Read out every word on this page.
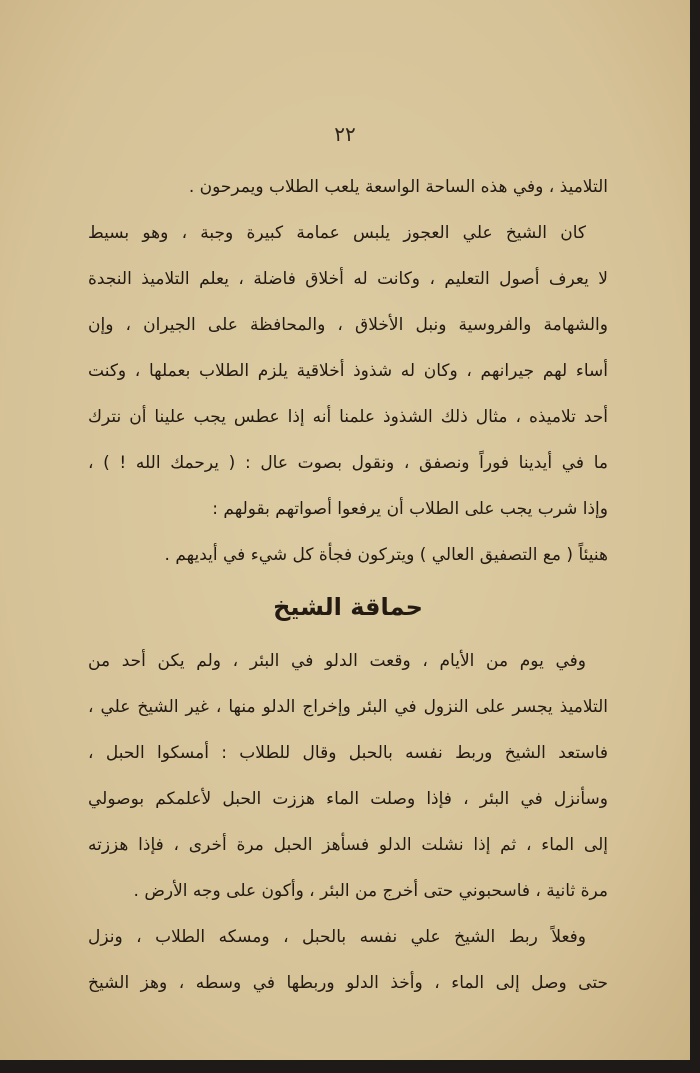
٢٢
التلاميذ ، وفي هذه الساحة الواسعة يلعب الطلاب ويمرحون .
كان الشيخ علي العجوز يلبس عمامة كبيرة وجبة ، وهو بسيط
لا يعرف أصول التعليم ، وكانت له أخلاق فاضلة ، يعلم التلاميذ النجدة
والشهامة والفروسية ونبل الأخلاق ، والمحافظة على الجيران ، وإن
أساء لهم جيرانهم ، وكان له شذوذ أخلاقية يلزم الطلاب بعملها ، وكنت
أحد تلاميذه ، مثال ذلك الشذوذ علمنا أنه إذا عطس يجب علينا أن نترك
ما في أيدينا فوراً ونصفق ، ونقول بصوت عال : ( يرحمك الله ! ) ،
وإذا شرب يجب على الطلاب أن يرفعوا أصواتهم بقولهم :
هنيئاً ( مع التصفيق العالي ) ويتركون فجأة كل شيء في أيديهم .
حماقة الشيخ
وفي يوم من الأيام ، وقعت الدلو في البئر ، ولم يكن أحد من
التلاميذ يجسر على النزول في البئر وإخراج الدلو منها ، غير الشيخ علي ،
فاستعد الشيخ وربط نفسه بالحبل وقال للطلاب : أمسكوا الحبل ،
وسأنزل في البئر ، فإذا وصلت الماء هززت الحبل لأعلمكم بوصولي
إلى الماء ، ثم إذا نشلت الدلو فسأهز الحبل مرة أخرى ، فإذا هززته
مرة ثانية ، فاسحبوني حتى أخرج من البئر ، وأكون على وجه الأرض .
وفعلاً ربط الشيخ علي نفسه بالحبل ، ومسكه الطلاب ، ونزل
حتى وصل إلى الماء ، وأخذ الدلو وربطها في وسطه ، وهز الشيخ
